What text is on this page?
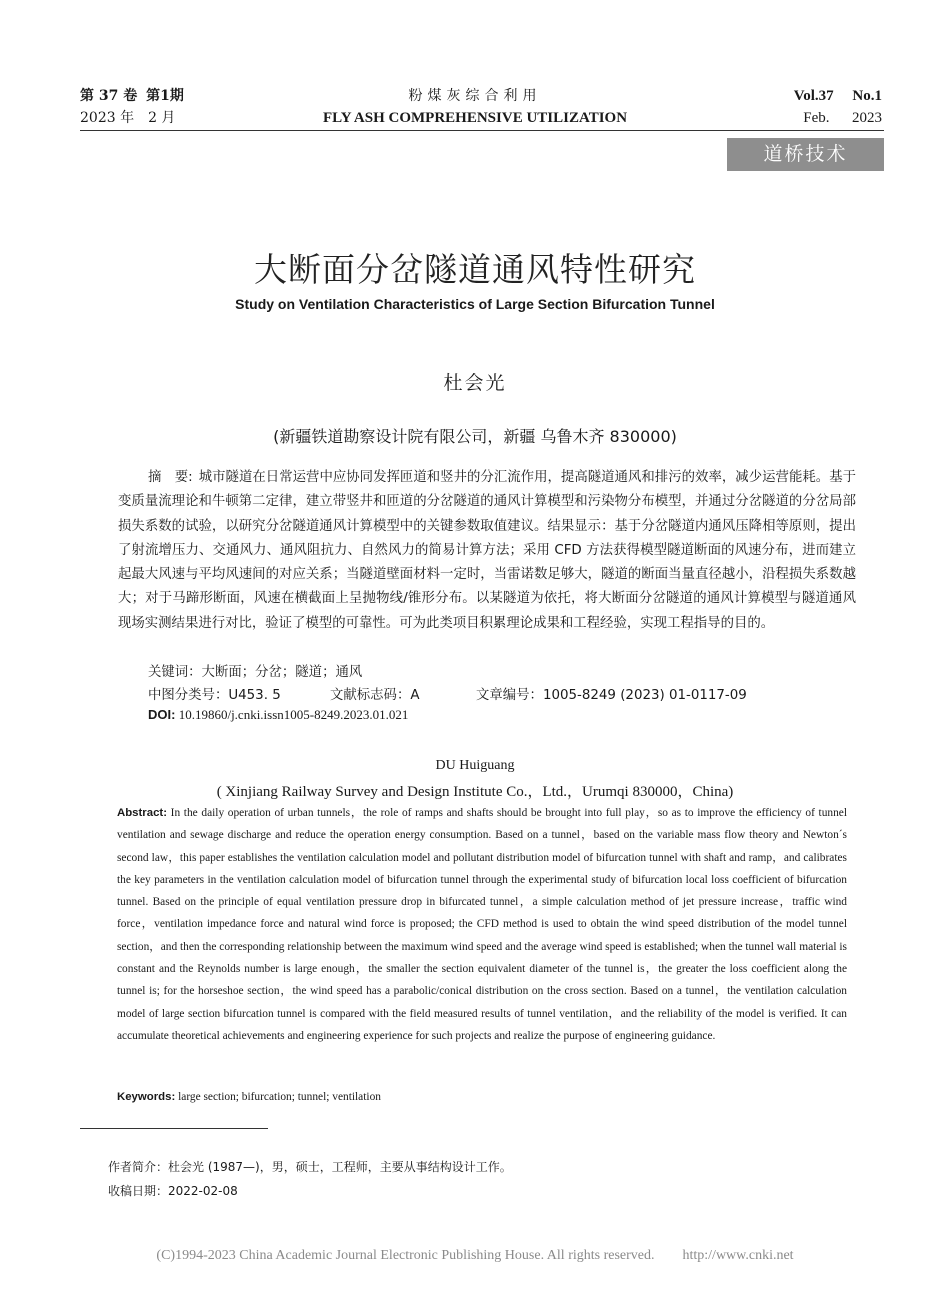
第 37 卷 第1期
2023 年　2 月
粉煤灰综合利用
FLY ASH COMPREHENSIVE UTILIZATION
Vol.37 No.1
Feb. 2023
道桥技术
大断面分岔隧道通风特性研究
Study on Ventilation Characteristics of Large Section Bifurcation Tunnel
杜会光
(新疆铁道勘察设计院有限公司，新疆 乌鲁木齐 830000)
摘　要: 城市隧道在日常运营中应协同发挥匝道和竖井的分汇流作用，提高隧道通风和排污的效率，减少运营能耗。基于变质量流理论和牛顿第二定律，建立带竖井和匝道的分岔隧道的通风计算模型和污染物分布模型，并通过分岔隧道的分岔局部损失系数的试验，以研究分岔隧道通风计算模型中的关键参数取值建议。结果显示：基于分岔隧道内通风压降相等原则，提出了射流增压力、交通风力、通风阻抗力、自然风力的简易计算方法；采用 CFD 方法获得模型隧道断面的风速分布，进而建立起最大风速与平均风速间的对应关系；当隧道壁面材料一定时，当雷诺数足够大，隧道的断面当量直径越小，沿程损失系数越大；对于马蹄形断面，风速在横截面上呈抛物线/锥形分布。以某隧道为依托，将大断面分岔隧道的通风计算模型与隧道通风现场实测结果进行对比，验证了模型的可靠性。可为此类项目积累理论成果和工程经验，实现工程指导的目的。
关键词：大断面；分岔；隧道；通风
中图分类号：U453. 5	文献标志码：A	文章编号：1005-8249 (2023) 01-0117-09
DOI: 10.19860/j.cnki.issn1005-8249.2023.01.021
DU Huiguang
( Xinjiang Railway Survey and Design Institute Co.，Ltd.，Urumqi 830000，China)
Abstract: In the daily operation of urban tunnels，the role of ramps and shafts should be brought into full play，so as to improve the efficiency of tunnel ventilation and sewage discharge and reduce the operation energy consumption. Based on a tunnel，based on the variable mass flow theory and Newton´s second law，this paper establishes the ventilation calculation model and pollutant distribution model of bifurcation tunnel with shaft and ramp，and calibrates the key parameters in the ventilation calculation model of bifurcation tunnel through the experimental study of bifurcation local loss coefficient of bifurcation tunnel. Based on the principle of equal ventilation pressure drop in bifurcated tunnel，a simple calculation method of jet pressure increase，traffic wind force，ventilation impedance force and natural wind force is proposed; the CFD method is used to obtain the wind speed distribution of the model tunnel section，and then the corresponding relationship between the maximum wind speed and the average wind speed is established; when the tunnel wall material is constant and the Reynolds number is large enough，the smaller the section equivalent diameter of the tunnel is，the greater the loss coefficient along the tunnel is; for the horseshoe section，the wind speed has a parabolic/conical distribution on the cross section. Based on a tunnel，the ventilation calculation model of large section bifurcation tunnel is compared with the field measured results of tunnel ventilation，and the reliability of the model is verified. It can accumulate theoretical achievements and engineering experience for such projects and realize the purpose of engineering guidance.
Keywords: large section; bifurcation; tunnel; ventilation
作者简介：杜会光 (1987—)，男，硕士，工程师，主要从事结构设计工作。
收稿日期：2022-02-08
(C)1994-2023 China Academic Journal Electronic Publishing House. All rights reserved.　　http://www.cnki.net
